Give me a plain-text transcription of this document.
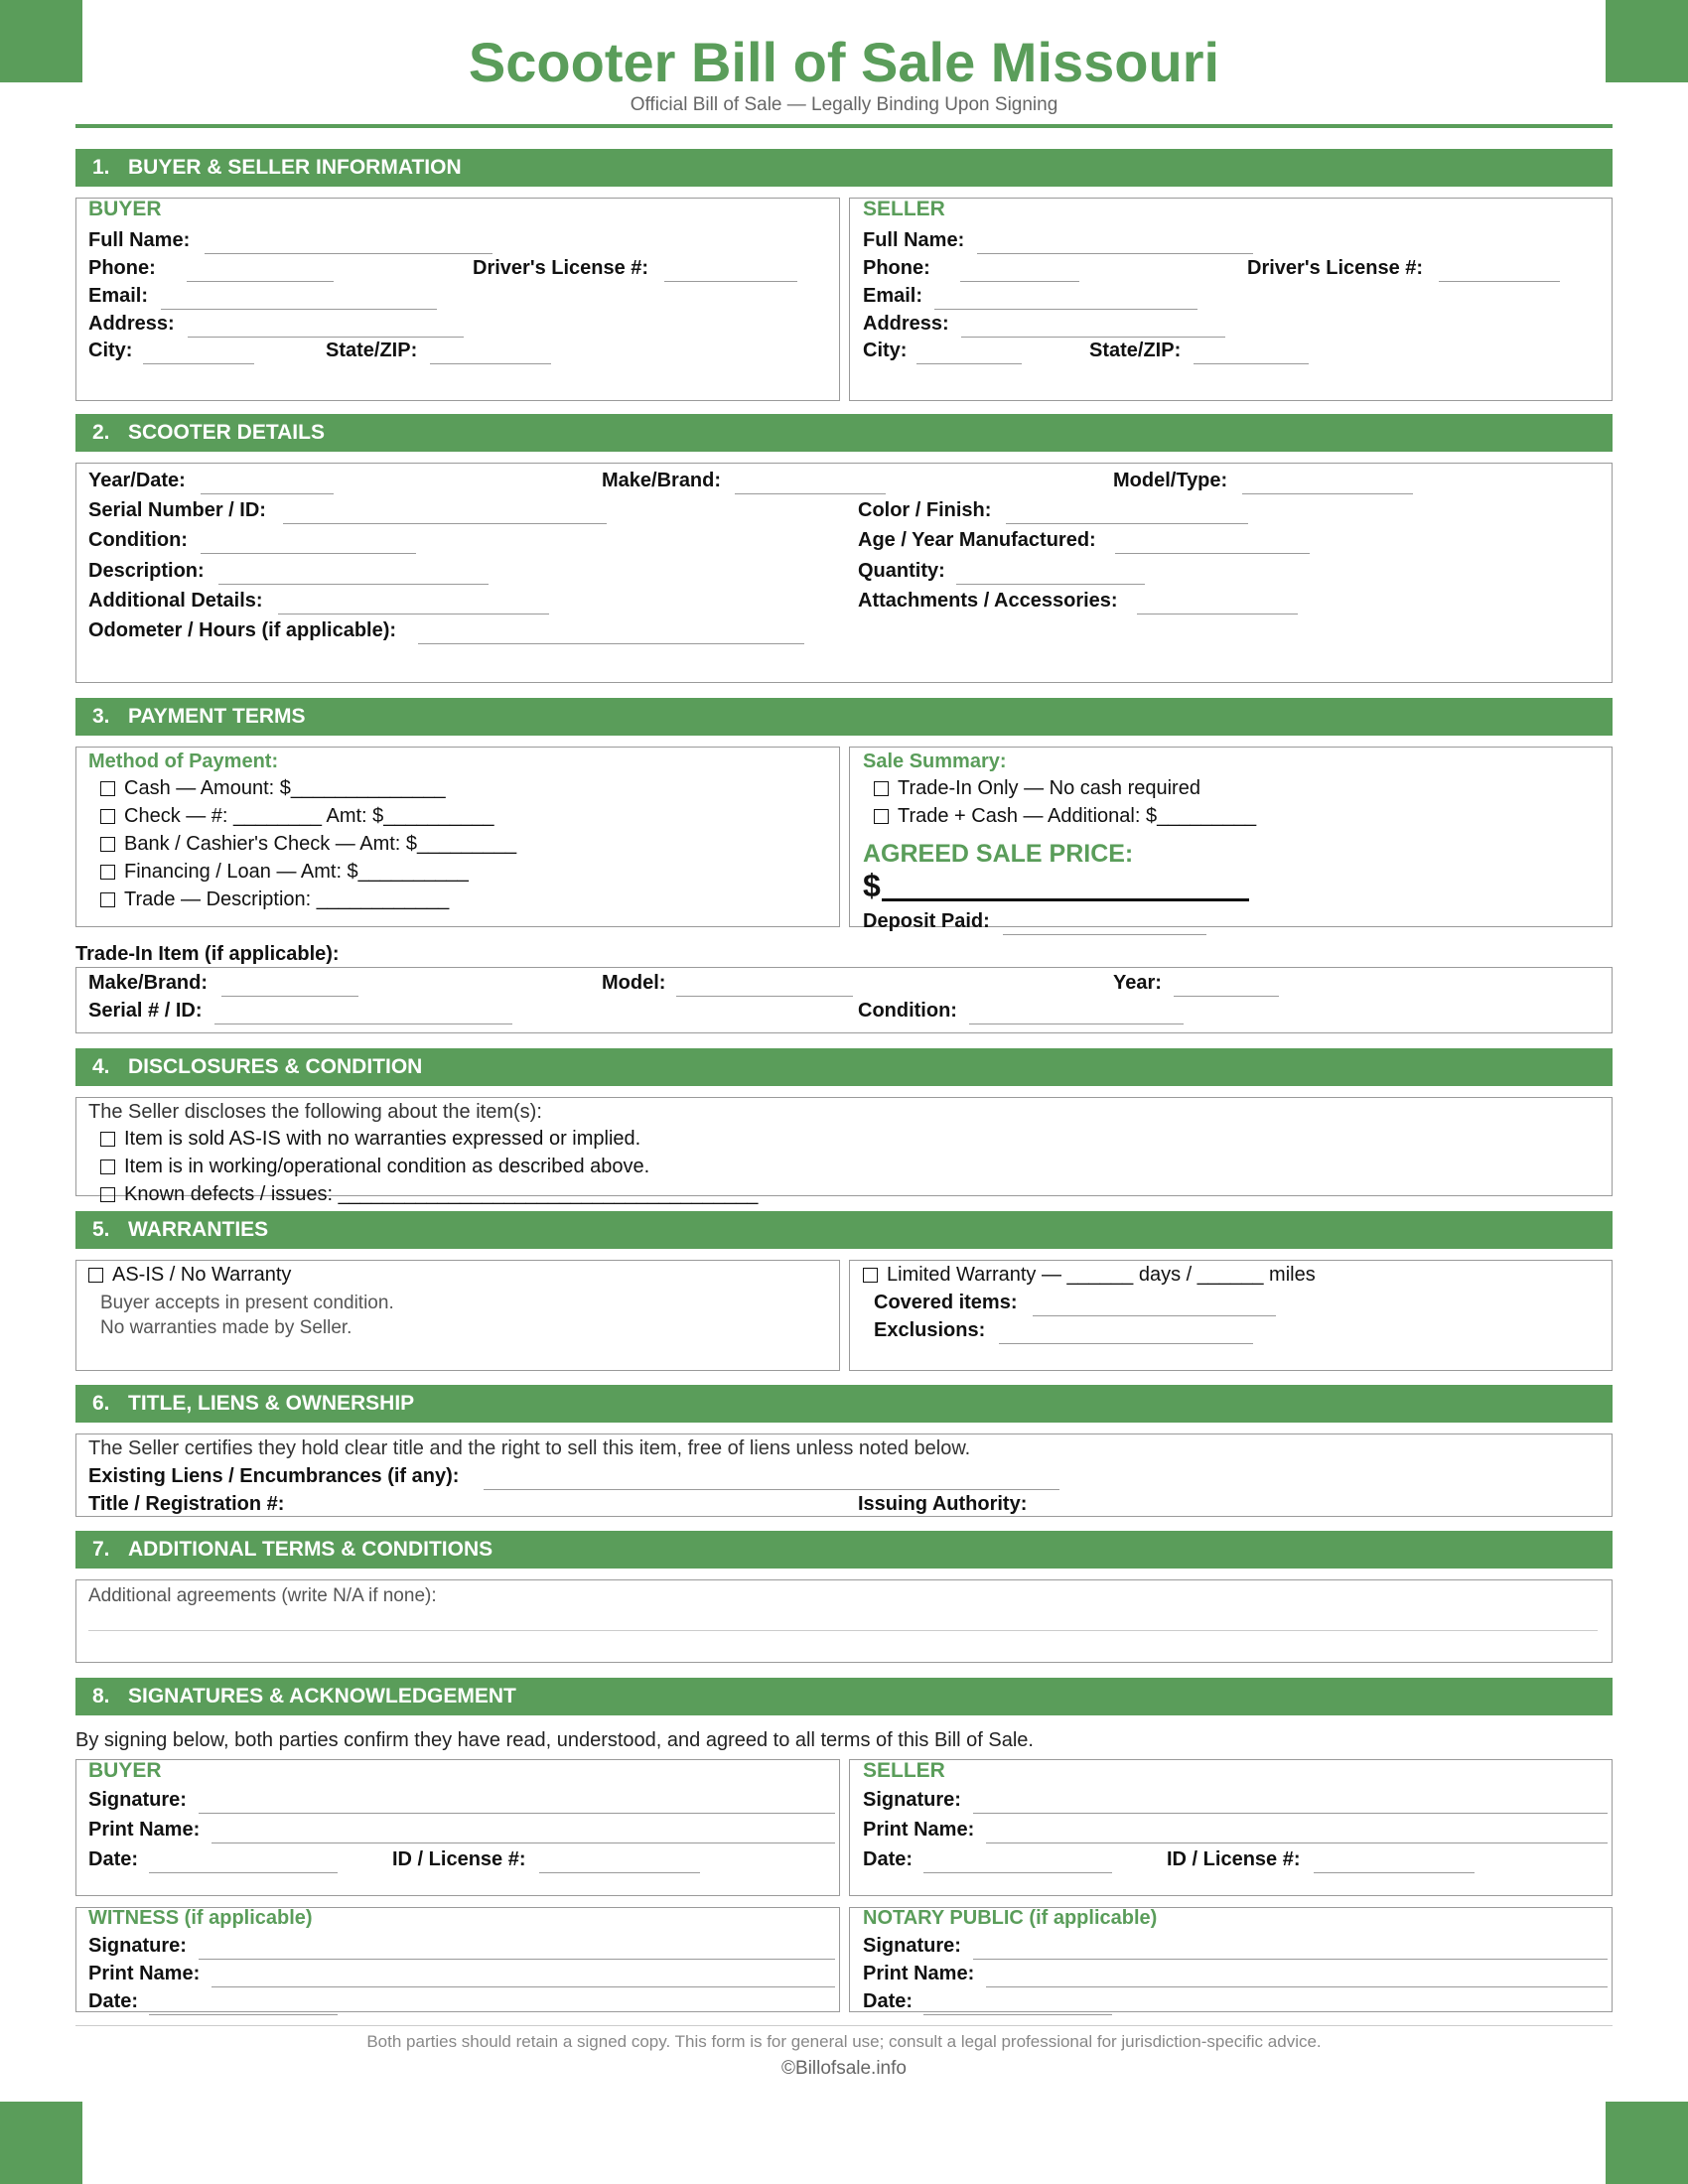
Scooter Bill of Sale Missouri
Official Bill of Sale — Legally Binding Upon Signing
1. BUYER & SELLER INFORMATION
BUYER
Full Name:
Phone:	Driver's License #:
Email:
Address:
City:	State/ZIP:
SELLER
Full Name:
Phone:	Driver's License #:
Email:
Address:
City:	State/ZIP:
2. SCOOTER DETAILS
Year/Date:	Make/Brand:	Model/Type:
Serial Number / ID:	Color / Finish:
Condition:	Age / Year Manufactured:
Description:	Quantity:
Additional Details:	Attachments / Accessories:
Odometer / Hours (if applicable):
3. PAYMENT TERMS
Method of Payment:
Cash — Amount: $______________
Check — #: ________ Amt: $__________
Bank / Cashier's Check — Amt: $_________
Financing / Loan — Amt: $__________
Trade — Description: ____________
Sale Summary:
Trade-In Only — No cash required
Trade + Cash — Additional: $_________
AGREED SALE PRICE:
$
Deposit Paid:
Trade-In Item (if applicable):
Make/Brand:	Model:	Year:
Serial # / ID:	Condition:
4. DISCLOSURES & CONDITION
The Seller discloses the following about the item(s):
Item is sold AS-IS with no warranties expressed or implied.
Item is in working/operational condition as described above.
Known defects / issues: ______________________________________
5. WARRANTIES
AS-IS / No Warranty
Buyer accepts in present condition.
No warranties made by Seller.
Limited Warranty — ______ days / ______ miles
Covered items:
Exclusions:
6. TITLE, LIENS & OWNERSHIP
The Seller certifies they hold clear title and the right to sell this item, free of liens unless noted below.
Existing Liens / Encumbrances (if any):
Title / Registration #:	Issuing Authority:
7. ADDITIONAL TERMS & CONDITIONS
Additional agreements (write N/A if none):
8. SIGNATURES & ACKNOWLEDGEMENT
By signing below, both parties confirm they have read, understood, and agreed to all terms of this Bill of Sale.
BUYER
Signature:
Print Name:
Date:	ID / License #:
SELLER
Signature:
Print Name:
Date:	ID / License #:
WITNESS (if applicable)
Signature:
Print Name:
Date:
NOTARY PUBLIC (if applicable)
Signature:
Print Name:
Date:
Both parties should retain a signed copy. This form is for general use; consult a legal professional for jurisdiction-specific advice.
©Billofsale.info
